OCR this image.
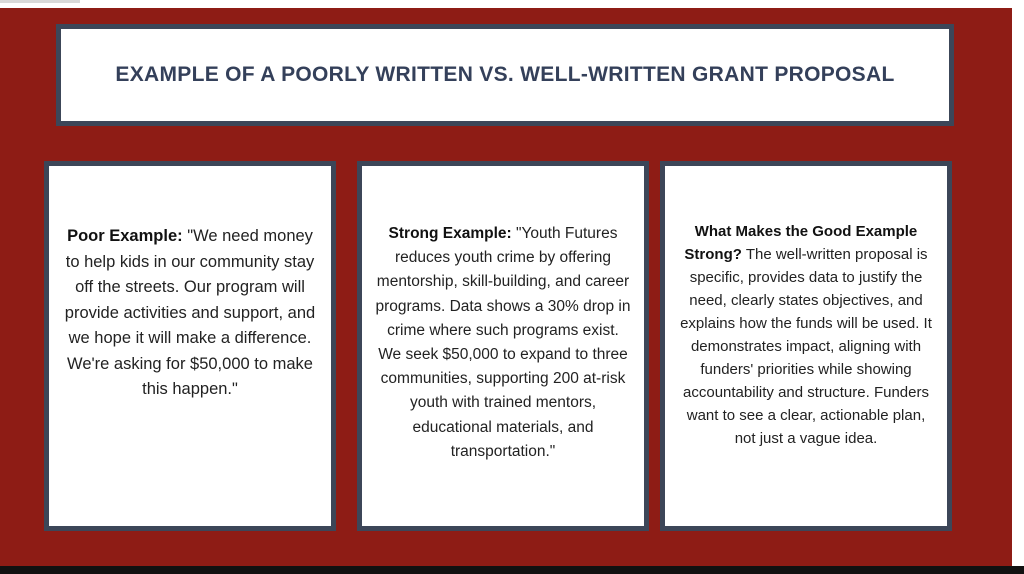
EXAMPLE OF A POORLY WRITTEN VS. WELL-WRITTEN GRANT PROPOSAL
Poor Example: "We need money to help kids in our community stay off the streets. Our program will provide activities and support, and we hope it will make a difference. We're asking for $50,000 to make this happen."
Strong Example: "Youth Futures reduces youth crime by offering mentorship, skill-building, and career programs. Data shows a 30% drop in crime where such programs exist. We seek $50,000 to expand to three communities, supporting 200 at-risk youth with trained mentors, educational materials, and transportation."
What Makes the Good Example Strong? The well-written proposal is specific, provides data to justify the need, clearly states objectives, and explains how the funds will be used. It demonstrates impact, aligning with funders' priorities while showing accountability and structure. Funders want to see a clear, actionable plan, not just a vague idea.
